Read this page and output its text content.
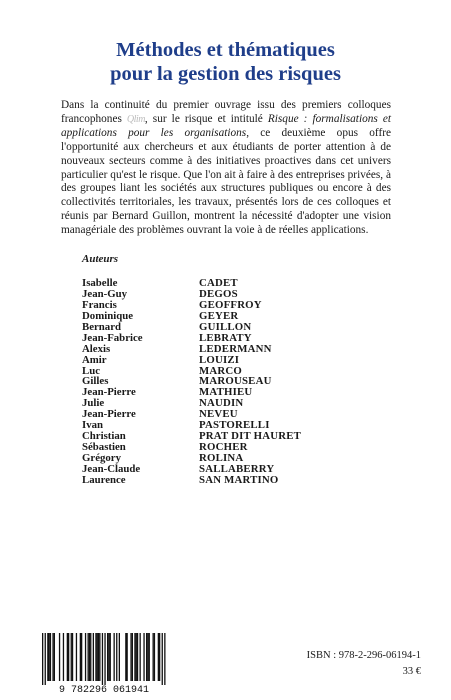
Méthodes et thématiques
pour la gestion des risques
Dans la continuité du premier ouvrage issu des premiers colloques francophones Qlim, sur le risque et intitulé Risque : formalisations et applications pour les organisations, ce deuxième opus offre l'opportunité aux chercheurs et aux étudiants de porter attention à de nouveaux secteurs comme à des initiatives proactives dans cet univers particulier qu'est le risque. Que l'on ait à faire à des entreprises privées, à des groupes liant les sociétés aux structures publiques ou encore à des collectivités territoriales, les travaux, présentés lors de ces colloques et réunis par Bernard Guillon, montrent la nécessité d'adopter une vision managériale des problèmes ouvrant la voie à de réelles applications.
Auteurs
Isabelle	CADET
Jean-Guy	DEGOS
Francis	GEOFFROY
Dominique	GEYER
Bernard	GUILLON
Jean-Fabrice	LEBRATY
Alexis	LEDERMANN
Amir	LOUIZI
Luc	MARCO
Gilles	MAROUSEAU
Jean-Pierre	MATHIEU
Julie	NAUDIN
Jean-Pierre	NEVEU
Ivan	PASTORELLI
Christian	PRAT DIT HAURET
Sébastien	ROCHER
Grégory	ROLINA
Jean-Claude	SALLABERRY
Laurence	SAN MARTINO
9 782296 061941
ISBN : 978-2-296-06194-1
33 €
